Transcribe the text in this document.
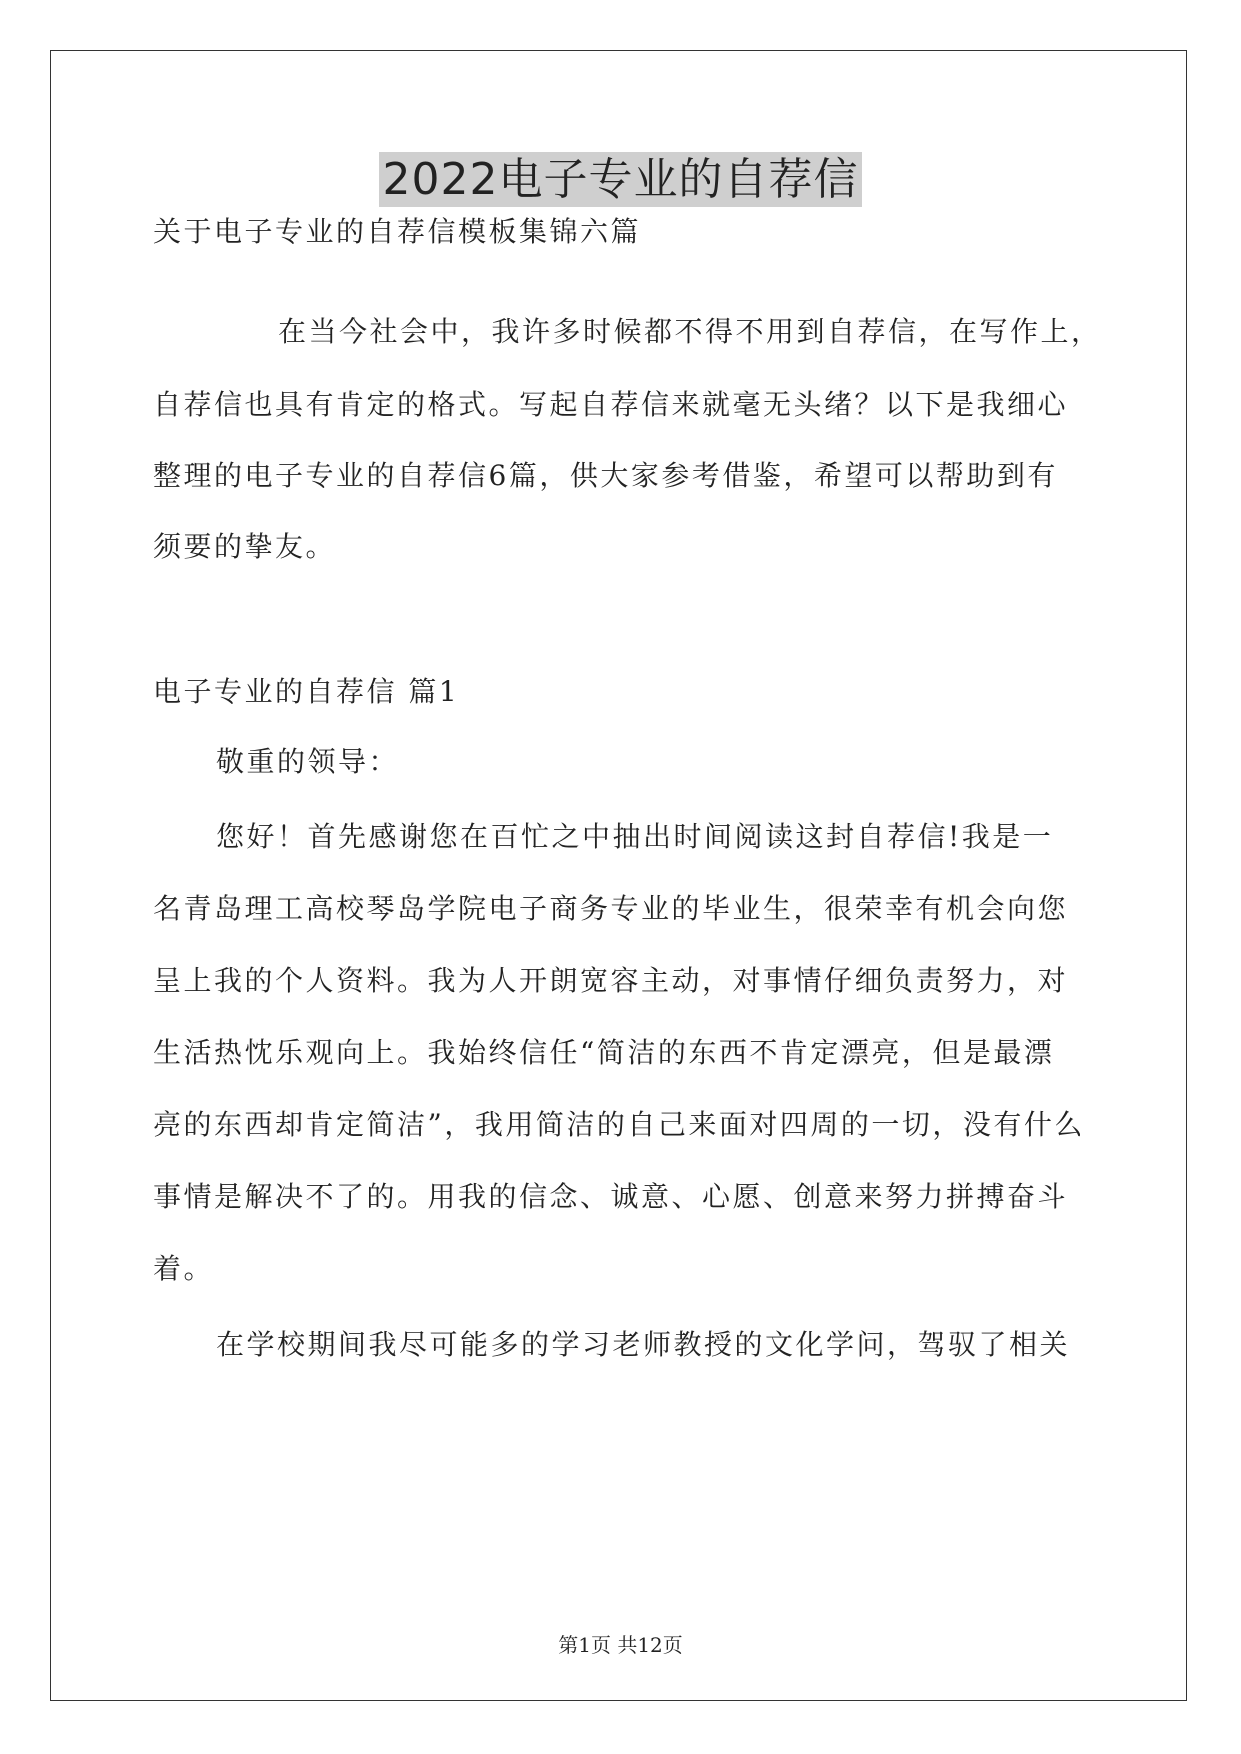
2022电子专业的自荐信
关于电子专业的自荐信模板集锦六篇
在当今社会中，我许多时候都不得不用到自荐信，在写作上，
自荐信也具有肯定的格式。写起自荐信来就毫无头绪？以下是我细心
整理的电子专业的自荐信6篇，供大家参考借鉴，希望可以帮助到有
须要的挚友。
电子专业的自荐信 篇1
敬重的领导：
您好！首先感谢您在百忙之中抽出时间阅读这封自荐信!我是一
名青岛理工高校琴岛学院电子商务专业的毕业生，很荣幸有机会向您
呈上我的个人资料。我为人开朗宽容主动，对事情仔细负责努力，对
生活热忱乐观向上。我始终信任“简洁的东西不肯定漂亮，但是最漂
亮的东西却肯定简洁”，我用简洁的自己来面对四周的一切，没有什么
事情是解决不了的。用我的信念、诚意、心愿、创意来努力拼搏奋斗
着。
在学校期间我尽可能多的学习老师教授的文化学问，驾驭了相关
第1页 共12页
